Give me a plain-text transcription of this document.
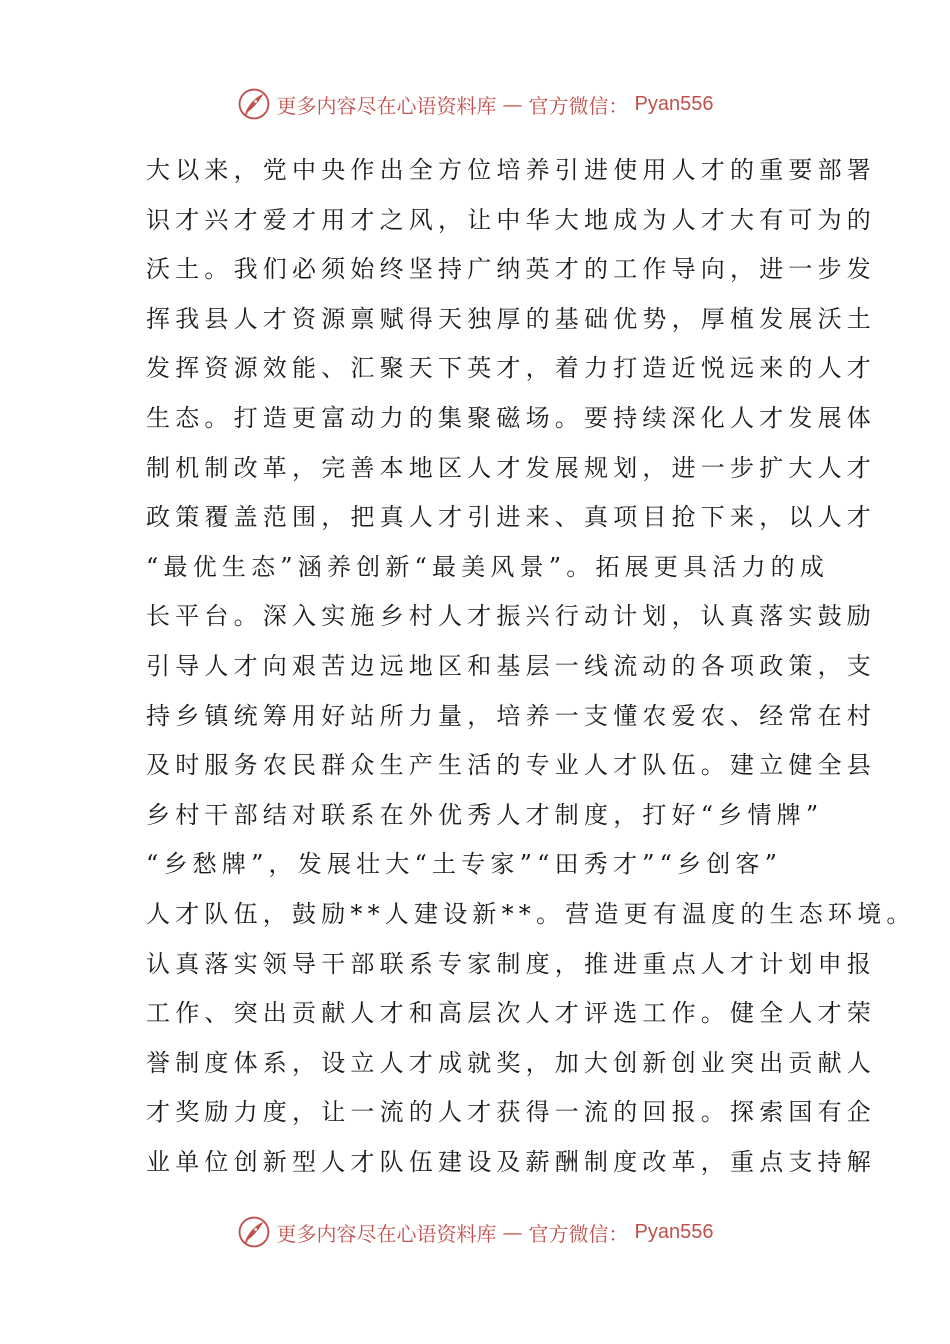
更多内容尽在心语资料库 — 官方微信： Pyan556
大以来，党中央作出全方位培养引进使用人才的重要部署
识才兴才爱才用才之风，让中华大地成为人才大有可为的
沃土。我们必须始终坚持广纳英才的工作导向，进一步发
挥我县人才资源禀赋得天独厚的基础优势，厚植发展沃土
发挥资源效能、汇聚天下英才，着力打造近悦远来的人才
生态。打造更富动力的集聚磁场。要持续深化人才发展体
制机制改革，完善本地区人才发展规划，进一步扩大人才
政策覆盖范围，把真人才引进来、真项目抢下来，以人才
“最优生态”涵养创新“最美风景”。拓展更具活力的成
长平台。深入实施乡村人才振兴行动计划，认真落实鼓励
引导人才向艰苦边远地区和基层一线流动的各项政策，支
持乡镇统筹用好站所力量，培养一支懂农爱农、经常在村
及时服务农民群众生产生活的专业人才队伍。建立健全县
乡村干部结对联系在外优秀人才制度，打好“乡情牌”
“乡愁牌”，发展壮大“土专家”“田秀才”“乡创客”
人才队伍，鼓励**人建设新**。营造更有温度的生态环境。
认真落实领导干部联系专家制度，推进重点人才计划申报
工作、突出贡献人才和高层次人才评选工作。健全人才荣
誉制度体系，设立人才成就奖，加大创新创业突出贡献人
才奖励力度，让一流的人才获得一流的回报。探索国有企
业单位创新型人才队伍建设及薪酬制度改革，重点支持解
更多内容尽在心语资料库 — 官方微信： Pyan556
